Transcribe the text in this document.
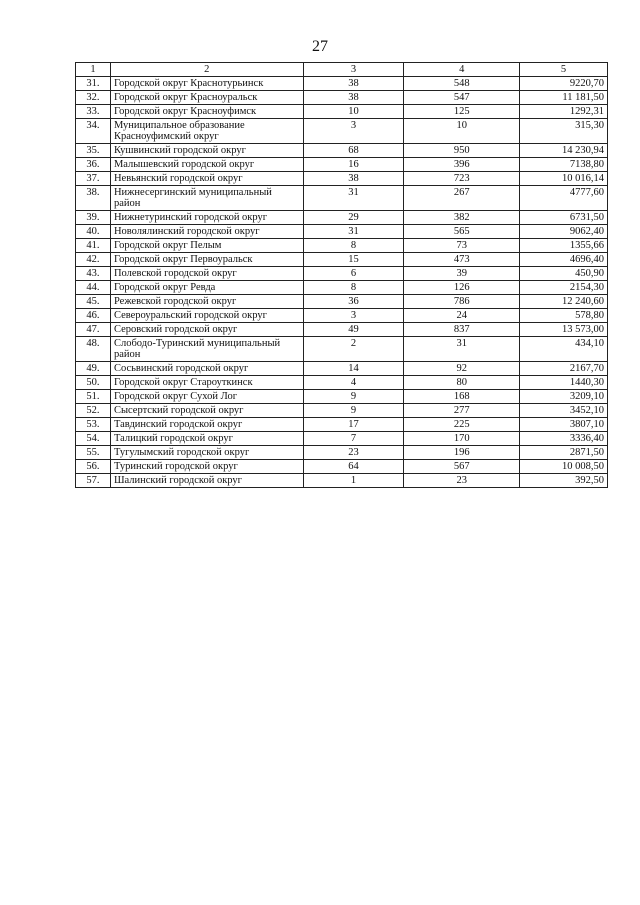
27
1	2	3	4	5
31.	Городской округ Краснотурьинск	38	548	9220,70
32.	Городской округ Красноуральск	38	547	11 181,50
33.	Городской округ Красноуфимск	10	125	1292,31
34.	Муниципальное образование Красноуфимский округ	3	10	315,30
35.	Кушвинский городской округ	68	950	14 230,94
36.	Малышевский городской округ	16	396	7138,80
37.	Невьянский городской округ	38	723	10 016,14
38.	Нижнесергинский муниципальный район	31	267	4777,60
39.	Нижнетуринский городской округ	29	382	6731,50
40.	Новолялинский городской округ	31	565	9062,40
41.	Городской округ Пелым	8	73	1355,66
42.	Городской округ Первоуральск	15	473	4696,40
43.	Полевской городской округ	6	39	450,90
44.	Городской округ Ревда	8	126	2154,30
45.	Режевской городской округ	36	786	12 240,60
46.	Североуральский городской округ	3	24	578,80
47.	Серовский городской округ	49	837	13 573,00
48.	Слободо-Туринский муниципальный район	2	31	434,10
49.	Сосьвинский городской округ	14	92	2167,70
50.	Городской округ Староуткинск	4	80	1440,30
51.	Городской округ Сухой Лог	9	168	3209,10
52.	Сысертский городской округ	9	277	3452,10
53.	Тавдинский городской округ	17	225	3807,10
54.	Талицкий городской округ	7	170	3336,40
55.	Тугулымский городской округ	23	196	2871,50
56.	Туринский городской округ	64	567	10 008,50
57.	Шалинский городской округ	1	23	392,50
